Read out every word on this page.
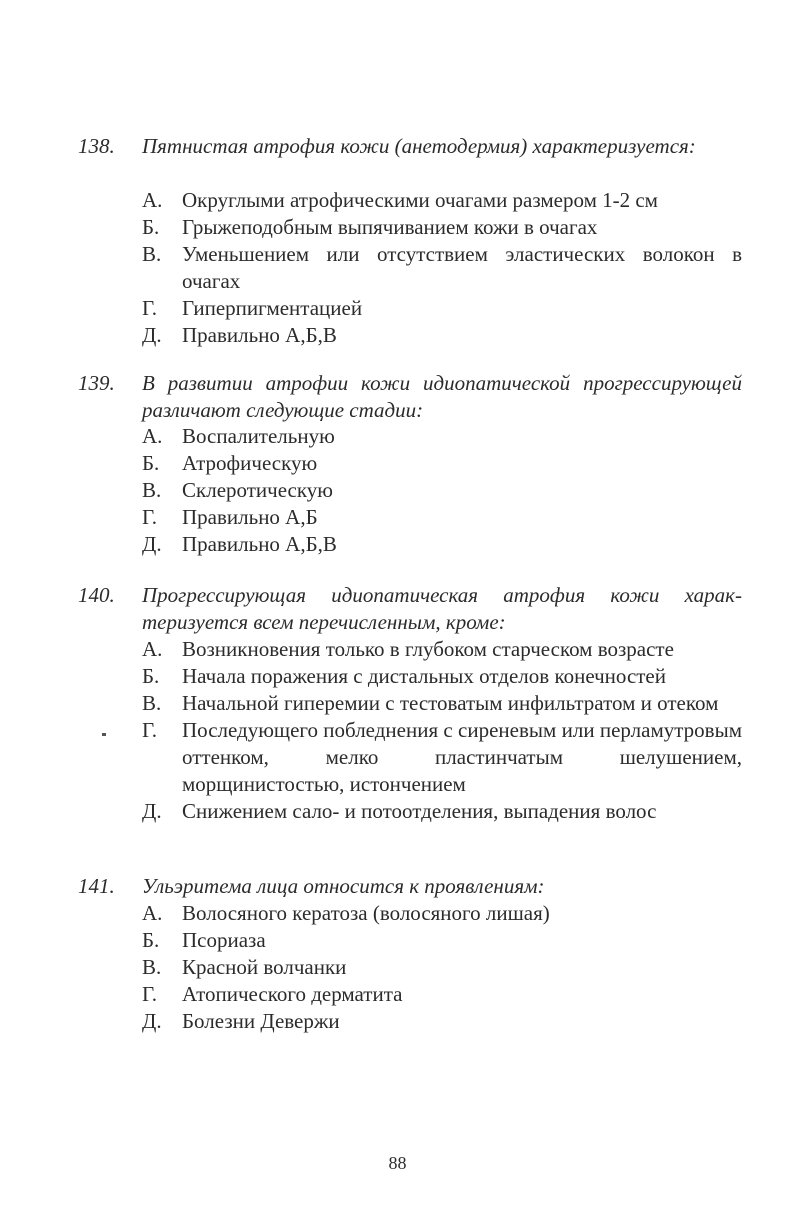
138. Пятнистая атрофия кожи (анетодермия) характеризуется:
А. Округлыми атрофическими очагами размером 1-2 см
Б. Грыжеподобным выпячиванием кожи в очагах
В. Уменьшением или отсутствием эластических волокон в очагах
Г. Гиперпигментацией
Д. Правильно А,Б,В
139. В развитии атрофии кожи идиопатической прогрессирующей различают следующие стадии:
А. Воспалительную
Б. Атрофическую
В. Склеротическую
Г. Правильно А,Б
Д. Правильно А,Б,В
140. Прогрессирующая идиопатическая атрофия кожи характеризуется всем перечисленным, кроме:
А. Возникновения только в глубоком старческом возрасте
Б. Начала поражения с дистальных отделов конечностей
В. Начальной гиперемии с тестоватым инфильтратом и отеком
Г. Последующего побледнения с сиреневым или перламутровым оттенком, мелко пластинчатым шелушением, морщинистостью, истончением
Д. Снижением сало- и потоотделения, выпадения волос
141. Ульэритема лица относится к проявлениям:
А. Волосяного кератоза (волосяного лишая)
Б. Псориаза
В. Красной волчанки
Г. Атопического дерматита
Д. Болезни Девержи
88
